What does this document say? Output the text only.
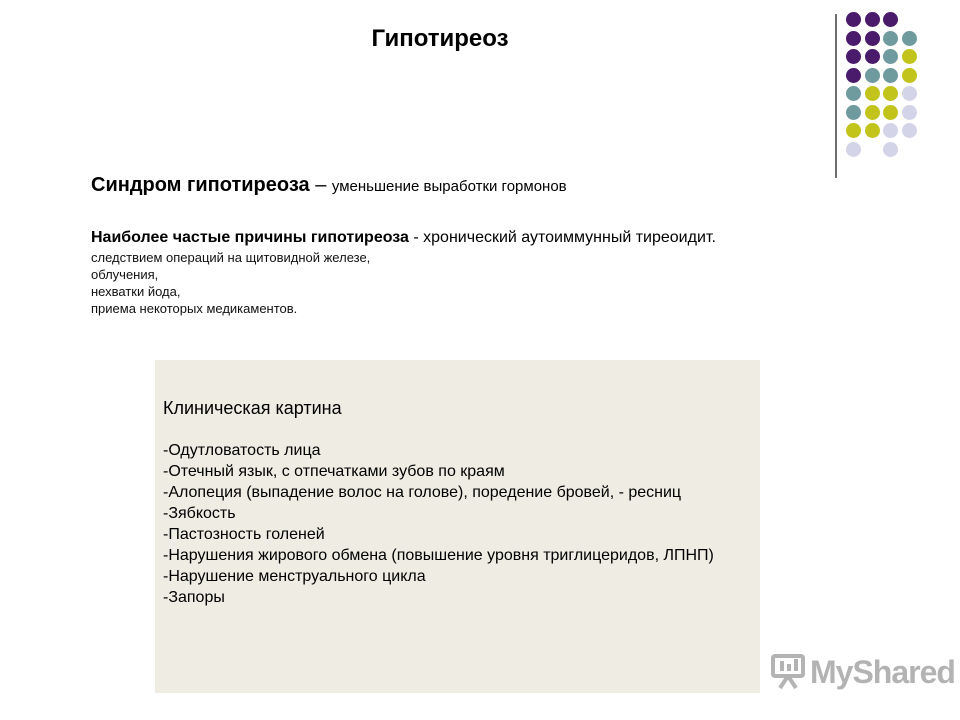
Гипотиреоз
Синдром гипотиреоза – уменьшение выработки гормонов
Наиболее частые причины гипотиреоза - хронический аутоиммунный тиреоидит.
следствием операций на щитовидной железе,
облучения,
нехватки йода,
приема некоторых медикаментов.
Клиническая картина
-Одутловатость лица
-Отечный язык, с отпечатками зубов по краям
-Алопеция (выпадение волос на голове), поредение бровей, - ресниц
-Зябкость
-Пастозность голеней
-Нарушения жирового обмена (повышение уровня триглицеридов, ЛПНП)
-Нарушение менструального цикла
-Запоры
MyShared
